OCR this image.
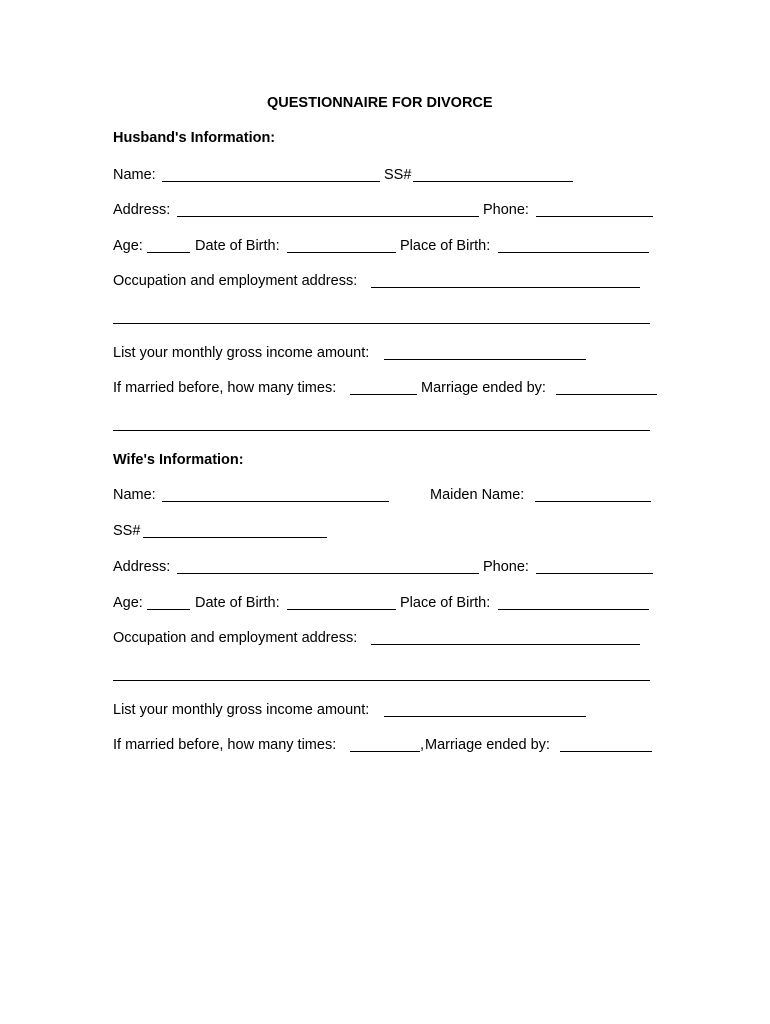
QUESTIONNAIRE FOR DIVORCE
Husband's Information:
Name:	SS#
Address:	Phone:
Age:	Date of Birth:	Place of Birth:
Occupation and employment address:
List your monthly gross income amount:
If married before, how many times:	Marriage ended by:
Wife's Information:
Name:	Maiden Name:
SS#
Address:	Phone:
Age:	Date of Birth:	Place of Birth:
Occupation and employment address:
List your monthly gross income amount:
If married before, how many times:	, Marriage ended by:
